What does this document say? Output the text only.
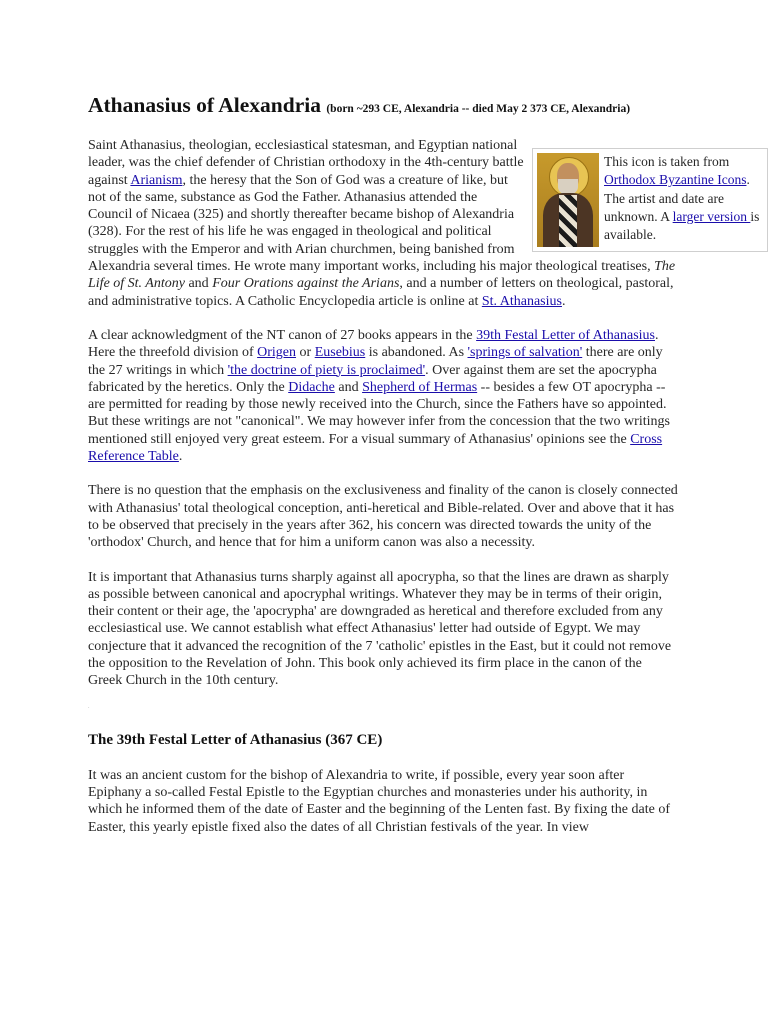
Athanasius of Alexandria (born ~293 CE, Alexandria -- died May 2 373 CE, Alexandria)

This icon is taken from Orthodox Byzantine Icons. The artist and date are unknown. A larger version is available.
Saint Athanasius, theologian, ecclesiastical statesman, and Egyptian national leader, was the chief defender of Christian orthodoxy in the 4th-century battle against Arianism, the heresy that the Son of God was a creature of like, but not of the same, substance as God the Father. Athanasius attended the Council of Nicaea (325) and shortly thereafter became bishop of Alexandria (328). For the rest of his life he was engaged in theological and political struggles with the Emperor and with Arian churchmen, being banished from Alexandria several times. He wrote many important works, including his major theological treatises, The Life of St. Antony and Four Orations against the Arians, and a number of letters on theological, pastoral, and administrative topics. A Catholic Encyclopedia article is online at St. Athanasius.

A clear acknowledgment of the NT canon of 27 books appears in the 39th Festal Letter of Athanasius. Here the threefold division of Origen or Eusebius is abandoned. As 'springs of salvation' there are only the 27 writings in which 'the doctrine of piety is proclaimed'. Over against them are set the apocrypha fabricated by the heretics. Only the Didache and Shepherd of Hermas -- besides a few OT apocrypha -- are permitted for reading by those newly received into the Church, since the Fathers have so appointed. But these writings are not "canonical". We may however infer from the concession that the two writings mentioned still enjoyed very great esteem. For a visual summary of Athanasius' opinions see the Cross Reference Table.

There is no question that the emphasis on the exclusiveness and finality of the canon is closely connected with Athanasius' total theological conception, anti-heretical and Bible-related. Over and above that it has to be observed that precisely in the years after 362, his concern was directed towards the unity of the 'orthodox' Church, and hence that for him a uniform canon was also a necessity.

It is important that Athanasius turns sharply against all apocrypha, so that the lines are drawn as sharply as possible between canonical and apocryphal writings. Whatever they may be in terms of their origin, their content or their age, the 'apocrypha' are downgraded as heretical and therefore excluded from any ecclesiastical use. We cannot establish what effect Athanasius' letter had outside of Egypt. We may conjecture that it advanced the recognition of the 7 'catholic' epistles in the East, but it could not remove the opposition to the Revelation of John. This book only achieved its firm place in the canon of the Greek Church in the 10th century.

.
The 39th Festal Letter of Athanasius (367 CE)

It was an ancient custom for the bishop of Alexandria to write, if possible, every year soon after Epiphany a so-called Festal Epistle to the Egyptian churches and monasteries under his authority, in which he informed them of the date of Easter and the beginning of the Lenten fast. By fixing the date of Easter, this yearly epistle fixed also the dates of all Christian festivals of the year. In view
